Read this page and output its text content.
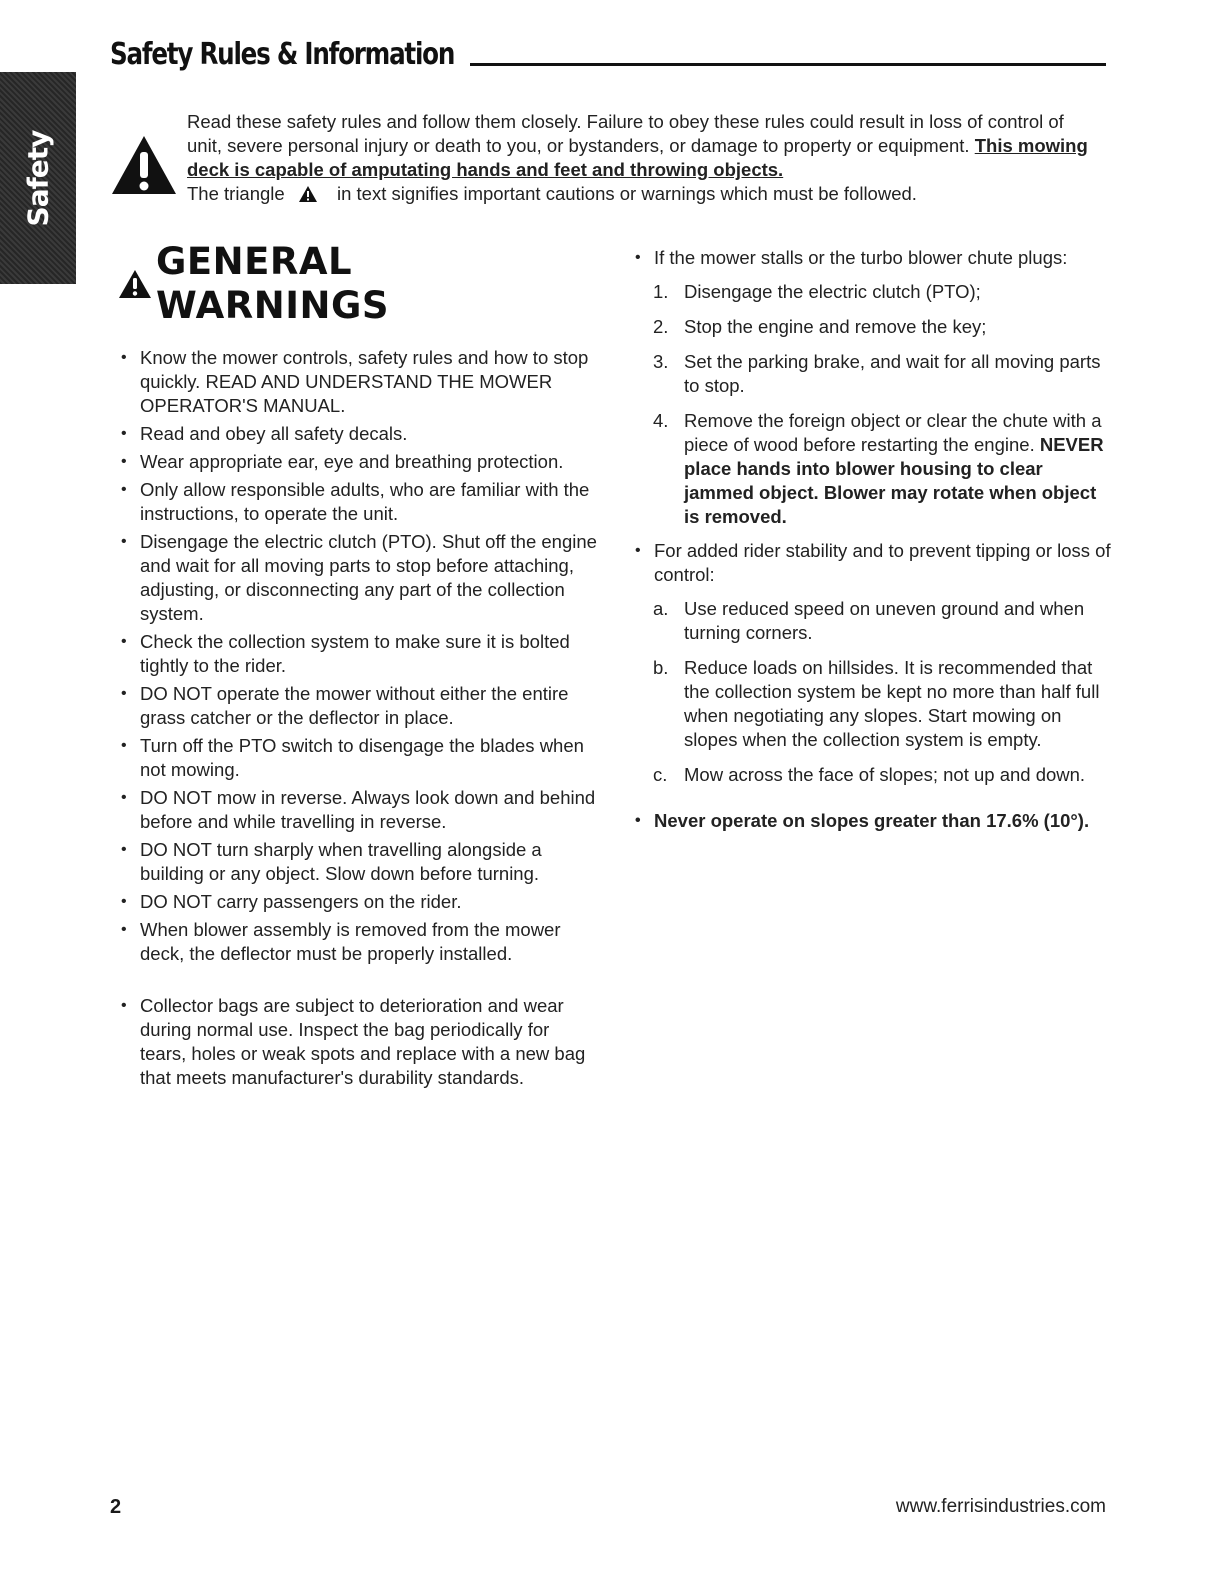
Safety Rules & Information
Safety
Read these safety rules and follow them closely. Failure to obey these rules could result in loss of control of unit, severe personal injury or death to you, or bystanders, or damage to property or equipment. This mowing deck is capable of amputating hands and feet and throwing objects.
The triangle	in text signifies important cautions or warnings which must be followed.
GENERAL WARNINGS
• Know the mower controls, safety rules and how to stop quickly. READ AND UNDERSTAND THE MOWER OPERATOR'S MANUAL.
• Read and obey all safety decals.
• Wear appropriate ear, eye and breathing protection.
• Only allow responsible adults, who are familiar with the instructions, to operate the unit.
• Disengage the electric clutch (PTO). Shut off the engine and wait for all moving parts to stop before attaching, adjusting, or disconnecting any part of the collection system.
• Check the collection system to make sure it is bolted tightly to the rider.
• DO NOT operate the mower without either the entire grass catcher or the deflector in place.
• Turn off the PTO switch to disengage the blades when not mowing.
• DO NOT mow in reverse. Always look down and behind before and while travelling in reverse.
• DO NOT turn sharply when travelling alongside a building or any object. Slow down before turning.
• DO NOT carry passengers on the rider.
• When blower assembly is removed from the mower deck, the deflector must be properly installed.
• Collector bags are subject to deterioration and wear during normal use. Inspect the bag periodically for tears, holes or weak spots and replace with a new bag that meets manufacturer's durability standards.
• If the mower stalls or the turbo blower chute plugs:
1. Disengage the electric clutch (PTO);
2. Stop the engine and remove the key;
3. Set the parking brake, and wait for all moving parts to stop.
4. Remove the foreign object or clear the chute with a piece of wood before restarting the engine. NEVER place hands into blower housing to clear jammed object. Blower may rotate when object is removed.
• For added rider stability and to prevent tipping or loss of control:
a. Use reduced speed on uneven ground and when turning corners.
b. Reduce loads on hillsides. It is recommended that the collection system be kept no more than half full when negotiating any slopes. Start mowing on slopes when the collection system is empty.
c. Mow across the face of slopes; not up and down.
• Never operate on slopes greater than 17.6% (10°).
2	www.ferrisindustries.com
